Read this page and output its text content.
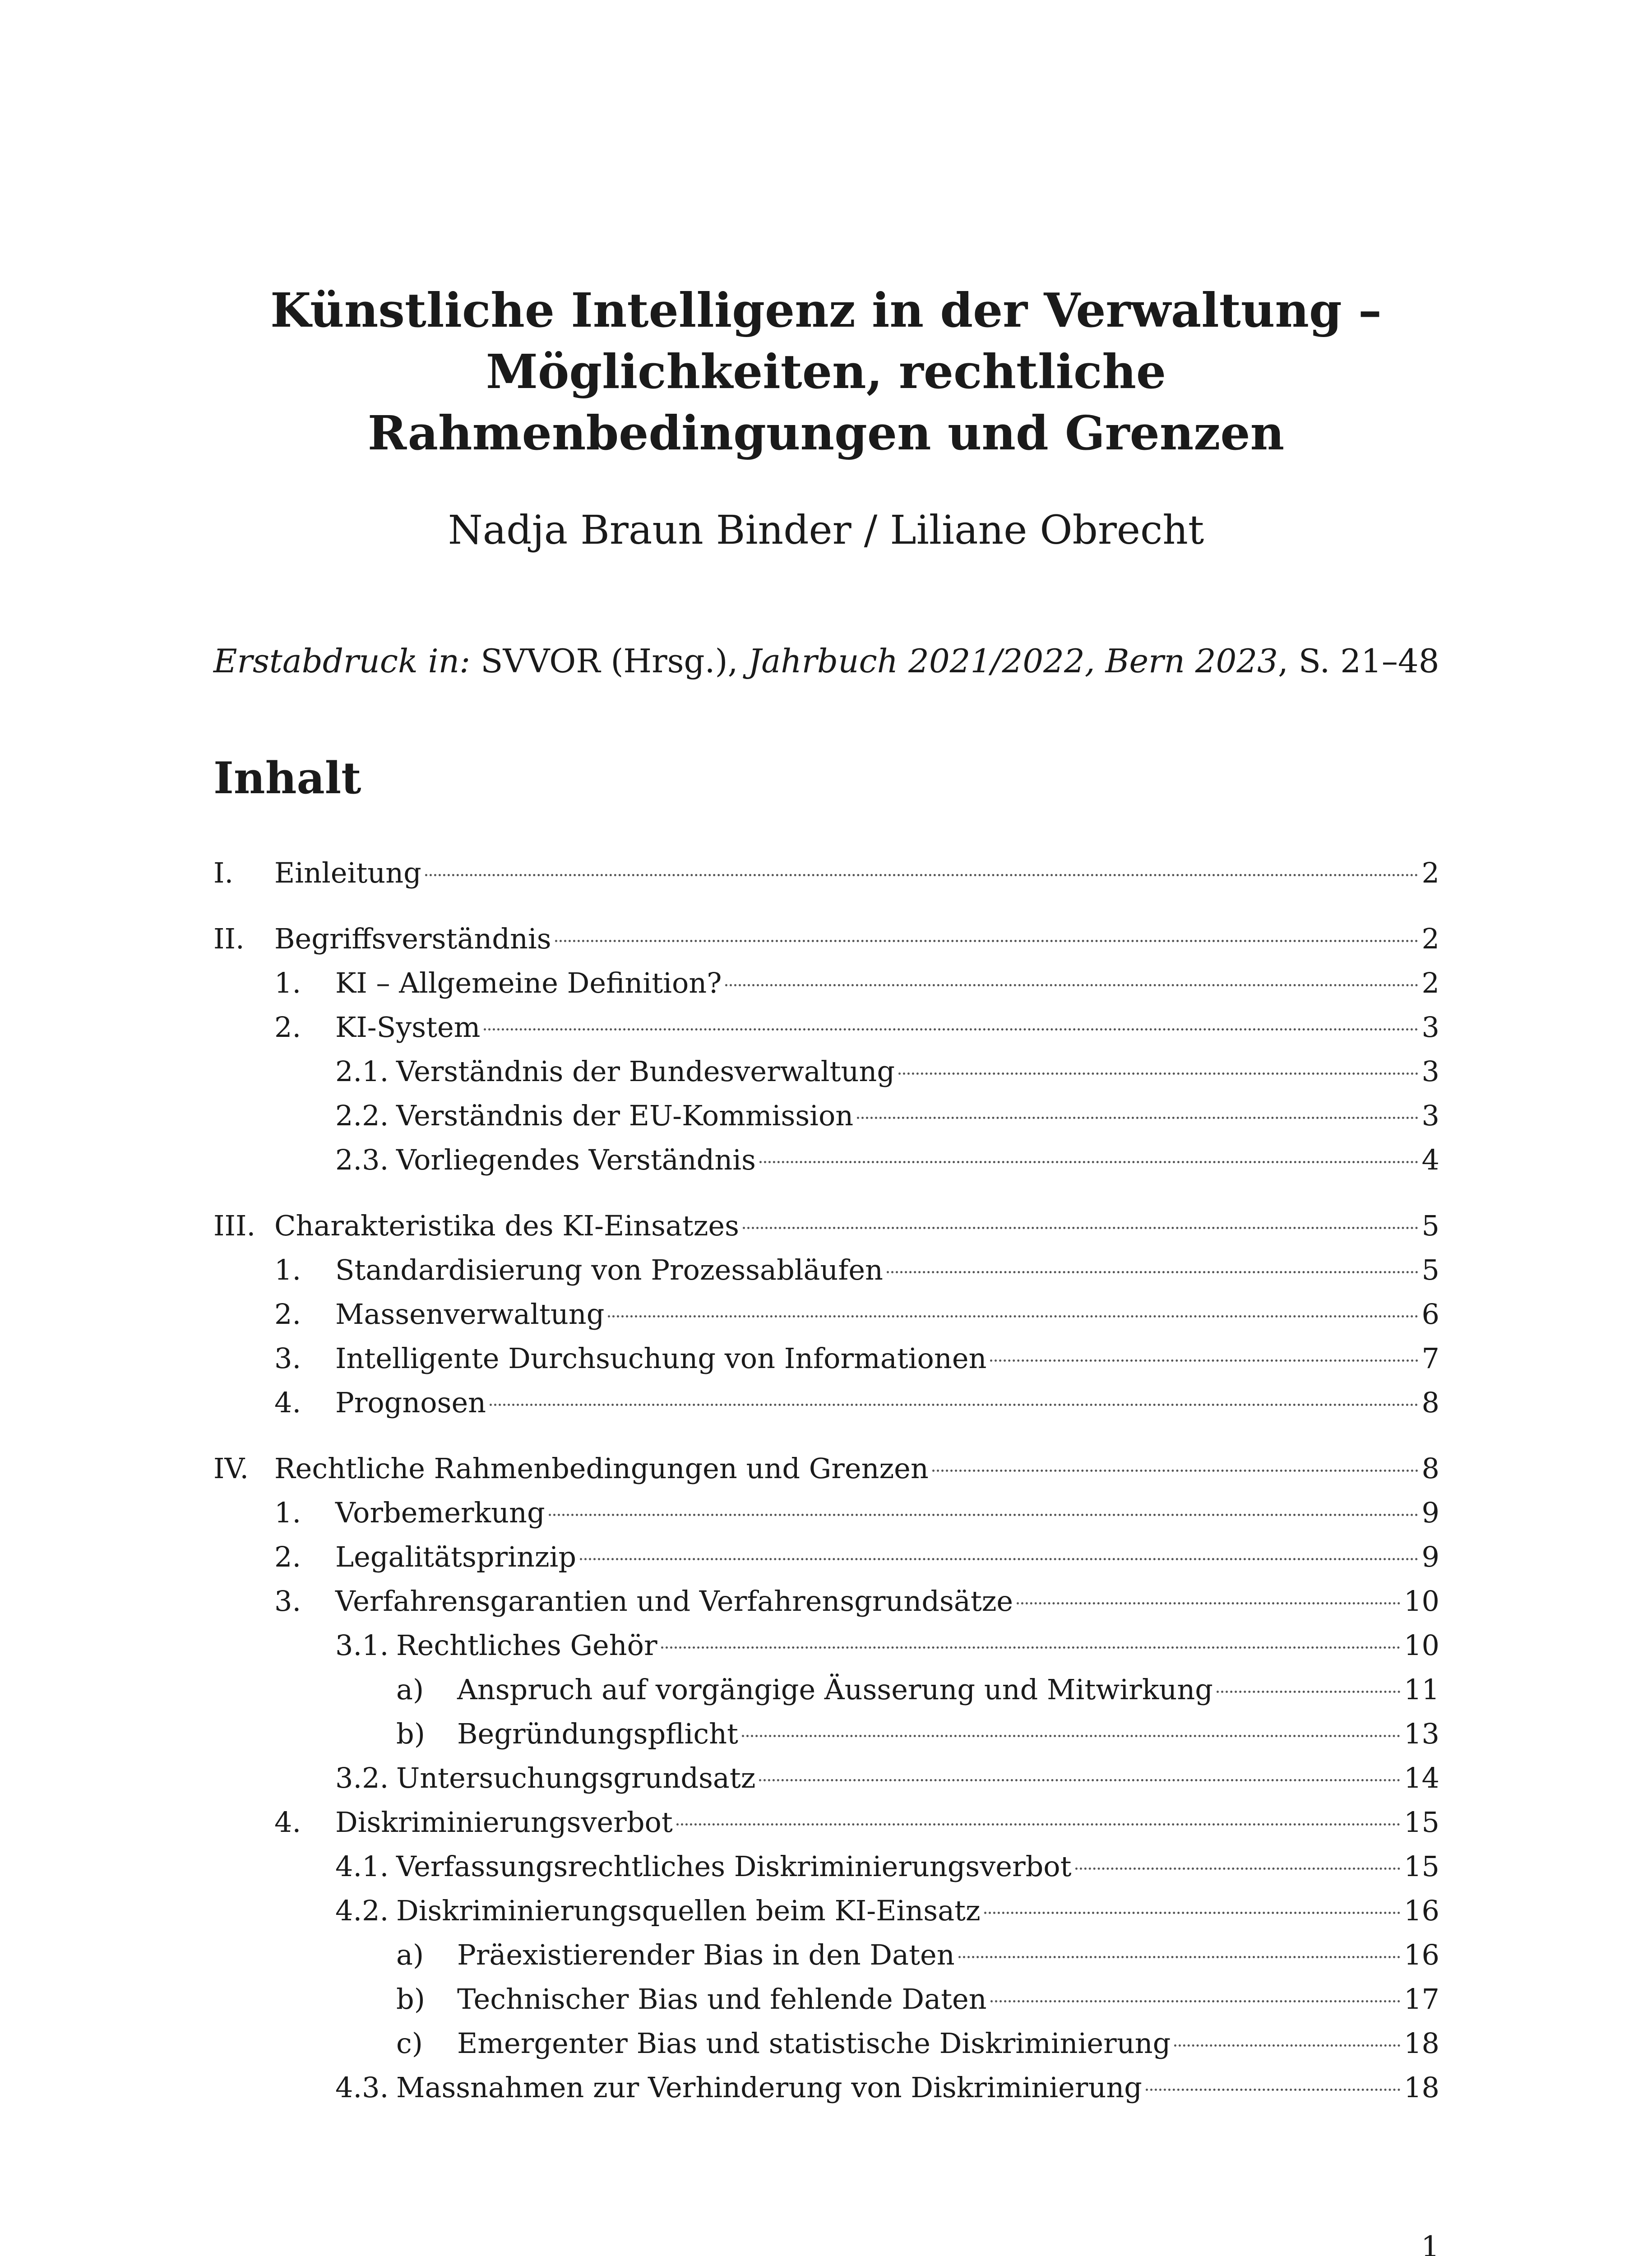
Künstliche Intelligenz in der Verwaltung –
Möglichkeiten, rechtliche
Rahmenbedingungen und Grenzen

Nadja Braun Binder / Liliane Obrecht

Erstabdruck in: SVVOR (Hrsg.), Jahrbuch 2021/2022, Bern 2023, S. 21–48

Inhalt
I.	Einleitung	2
II.	Begriffsverständnis	2
1.	KI – Allgemeine Definition?	2
2.	KI-System	3
2.1. Verständnis der Bundesverwaltung	3
2.2. Verständnis der EU-Kommission	3
2.3. Vorliegendes Verständnis	4
III. Charakteristika des KI-Einsatzes	5
1.	Standardisierung von Prozessabläufen	5
2.	Massenverwaltung	6
3.	Intelligente Durchsuchung von Informationen	7
4.	Prognosen	8
IV. Rechtliche Rahmenbedingungen und Grenzen	8
1.	Vorbemerkung	9
2.	Legalitätsprinzip	9
3.	Verfahrensgarantien und Verfahrensgrundsätze	10
3.1. Rechtliches Gehör	10
a)	Anspruch auf vorgängige Äusserung und Mitwirkung	11
b)	Begründungspflicht	13
3.2. Untersuchungsgrundsatz	14
4.	Diskriminierungsverbot	15
4.1. Verfassungsrechtliches Diskriminierungsverbot	15
4.2. Diskriminierungsquellen beim KI-Einsatz	16
a)	Präexistierender Bias in den Daten	16
b)	Technischer Bias und fehlende Daten	17
c)	Emergenter Bias und statistische Diskriminierung	18
4.3. Massnahmen zur Verhinderung von Diskriminierung	18

1
